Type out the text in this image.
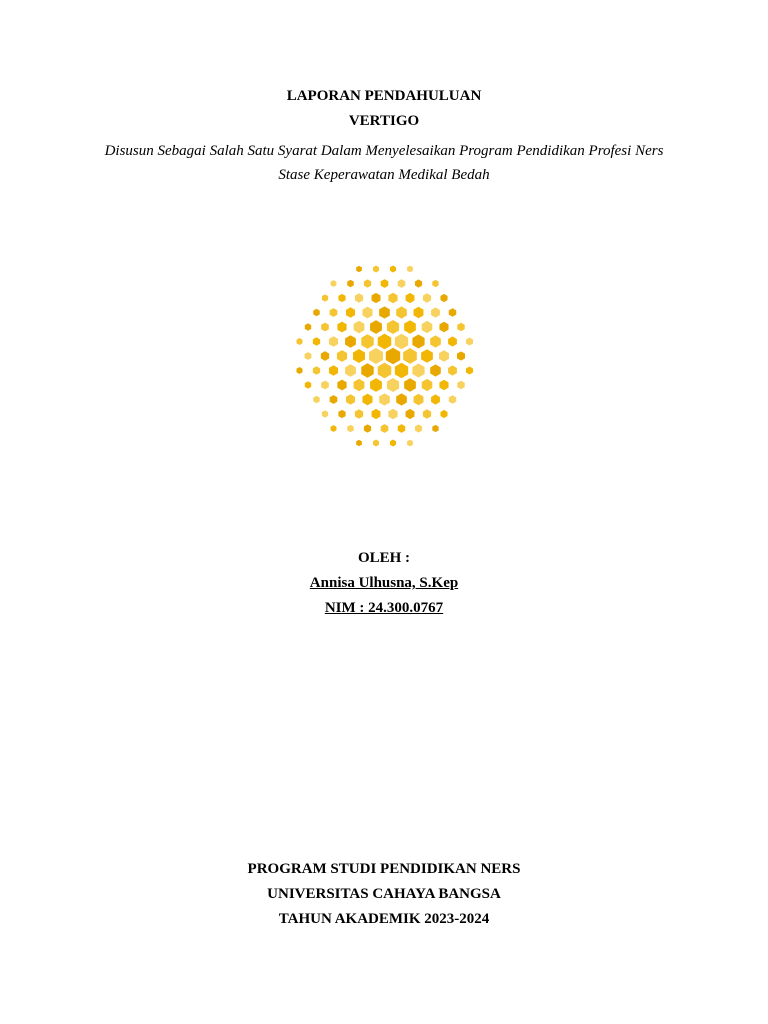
LAPORAN PENDAHULUAN
VERTIGO
Disusun Sebagai Salah Satu Syarat Dalam Menyelesaikan Program Pendidikan Profesi Ners
Stase Keperawatan Medikal Bedah
OLEH :
Annisa Ulhusna, S.Kep
NIM : 24.300.0767
PROGRAM STUDI PENDIDIKAN NERS
UNIVERSITAS CAHAYA BANGSA
TAHUN AKADEMIK 2023-2024
